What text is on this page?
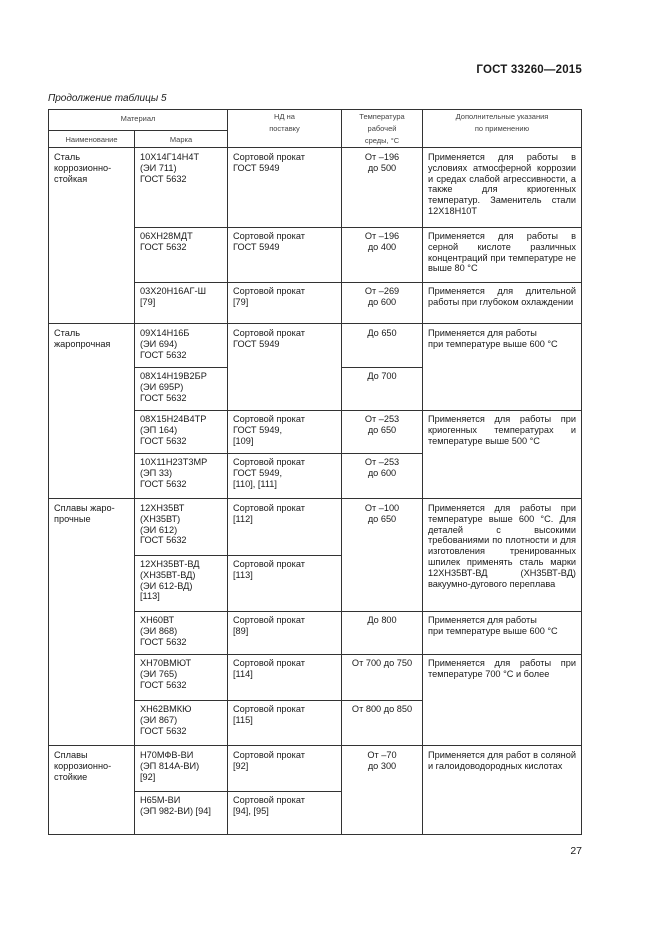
ГОСТ 33260—2015
Продолжение таблицы 5
Материал
Наименование	Марка
НД на
поставку
Температура
рабочей
среды, °С
Дополнительные указания
по применению
Сталь
коррозионно-
стойкая
10Х14Г14Н4Т
(ЭИ 711)
ГОСТ 5632
06ХН28МДТ
ГОСТ 5632
03Х20Н16АГ-Ш
[79]
Сортовой прокат
ГОСТ 5949
Сортовой прокат
ГОСТ 5949
Сортовой прокат
[79]
От –196
до 500
От –196
до 400
От –269
до 600
Применяется для работы в условиях атмосферной коррозии и средах слабой агрессивности, а также для криогенных температур. Заменитель стали 12Х18Н10Т
Применяется для работы в серной кислоте различных концентраций при температуре не выше 80 °С
Применяется для длительной работы при глубоком охлаждении
Сталь
жаропрочная
09Х14Н16Б
(ЭИ 694)
ГОСТ 5632
08Х14Н19В2БР
(ЭИ 695Р)
ГОСТ 5632
08Х15Н24В4ТР
(ЭП 164)
ГОСТ 5632
10Х11Н23Т3МР
(ЭП 33)
ГОСТ 5632
Сортовой прокат
ГОСТ 5949
Сортовой прокат
ГОСТ 5949,
[109]
Сортовой прокат
ГОСТ 5949,
[110], [111]
До 650
До 700
От –253
до 650
От –253
до 600
Применяется для работы
при температуре выше 600 °С
Применяется для работы при криогенных температурах и температуре выше 500 °С
Сплавы жаро-
прочные
12ХН35ВТ
(ХН35ВТ)
(ЭИ 612)
ГОСТ 5632
12ХН35ВТ-ВД
(ХН35ВТ-ВД)
(ЭИ 612-ВД)
[113]
ХН60ВТ
(ЭИ 868)
ГОСТ 5632
ХН70ВМЮТ
(ЭИ 765)
ГОСТ 5632
ХН62ВМКЮ
(ЭИ 867)
ГОСТ 5632
Сортовой прокат
[112]
Сортовой прокат
[113]
Сортовой прокат
[89]
Сортовой прокат
[114]
Сортовой прокат
[115]
От –100
до 650
До 800
От 700 до 750
От 800 до 850
Применяется для работы при температуре выше 600 °С. Для деталей с высокими требованиями по плотности и для изготовления тренированных шпилек применять сталь марки 12ХН35ВТ-ВД (ХН35ВТ-ВД) вакуумно-дугового переплава
Применяется для работы
при температуре выше 600 °С
Применяется для работы при температуре 700 °С и более
Сплавы
коррозионно-
стойкие
Н70МФВ-ВИ
(ЭП 814А-ВИ)
[92]
Н65М-ВИ
(ЭП 982-ВИ) [94]
Сортовой прокат
[92]
Сортовой прокат
[94], [95]
От –70
до 300
Применяется для работ в соляной и галоидоводородных кислотах
27
